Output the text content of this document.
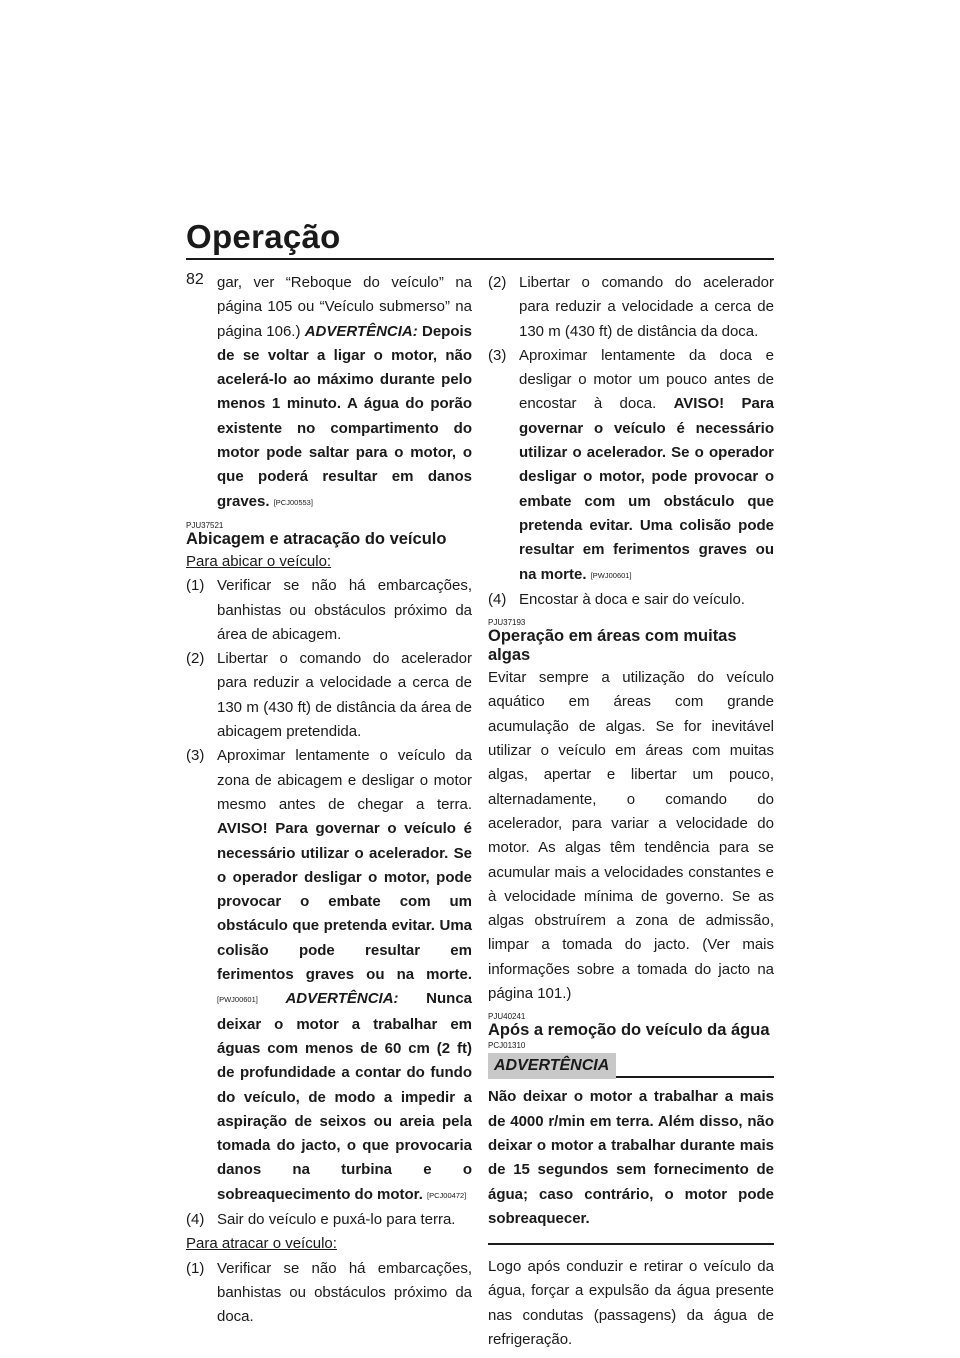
Operação
82 gar, ver “Reboque do veículo” na página 105 ou “Veículo submerso” na página 106.) ADVERTÊNCIA: Depois de se voltar a ligar o motor, não acelerá-lo ao máximo durante pelo menos 1 minuto. A água do porão existente no compartimento do motor pode saltar para o motor, o que poderá resultar em danos graves. [PCJ00553]

PJU37521
Abicagem e atracação do veículo
Para abicar o veículo:
(1) Verificar se não há embarcações, banhistas ou obstáculos próximo da área de abicagem.
(2) Libertar o comando do acelerador para reduzir a velocidade a cerca de 130 m (430 ft) de distância da área de abicagem pretendida.
(3) Aproximar lentamente o veículo da zona de abicagem e desligar o motor mesmo antes de chegar a terra. AVISO! Para governar o veículo é necessário utilizar o acelerador. Se o operador desligar o motor, pode provocar o embate com um obstáculo que pretenda evitar. Uma colisão pode resultar em ferimentos graves ou na morte. [PWJ00601] ADVERTÊNCIA: Nunca deixar o motor a trabalhar em águas com menos de 60 cm (2 ft) de profundidade a contar do fundo do veículo, de modo a impedir a aspiração de seixos ou areia pela tomada do jacto, o que provocaria danos na turbina e o sobreaquecimento do motor. [PCJ00472]
(4) Sair do veículo e puxá-lo para terra.
Para atracar o veículo:
(1) Verificar se não há embarcações, banhistas ou obstáculos próximo da doca.
(2) Libertar o comando do acelerador para reduzir a velocidade a cerca de 130 m (430 ft) de distância da doca.
(3) Aproximar lentamente da doca e desligar o motor um pouco antes de encostar à doca. AVISO! Para governar o veículo é necessário utilizar o acelerador. Se o operador desligar o motor, pode provocar o embate com um obstáculo que pretenda evitar. Uma colisão pode resultar em ferimentos graves ou na morte. [PWJ00601]
(4) Encostar à doca e sair do veículo.
PJU37193
Operação em áreas com muitas algas

Evitar sempre a utilização do veículo aquático em áreas com grande acumulação de algas. Se for inevitável utilizar o veículo em áreas com muitas algas, apertar e libertar um pouco, alternadamente, o comando do acelerador, para variar a velocidade do motor. As algas têm tendência para se acumular mais a velocidades constantes e à velocidade mínima de governo. Se as algas obstruírem a zona de admissão, limpar a tomada do jacto. (Ver mais informações sobre a tomada do jacto na página 101.)

PJU40241
Após a remoção do veículo da água
PCJ01310
ADVERTÊNCIA

Não deixar o motor a trabalhar a mais de 4000 r/min em terra. Além disso, não deixar o motor a trabalhar durante mais de 15 segundos sem fornecimento de água; caso contrário, o motor pode sobreaquecer.

Logo após conduzir e retirar o veículo da água, forçar a expulsão da água presente nas condutas (passagens) da água de refrigeração.
